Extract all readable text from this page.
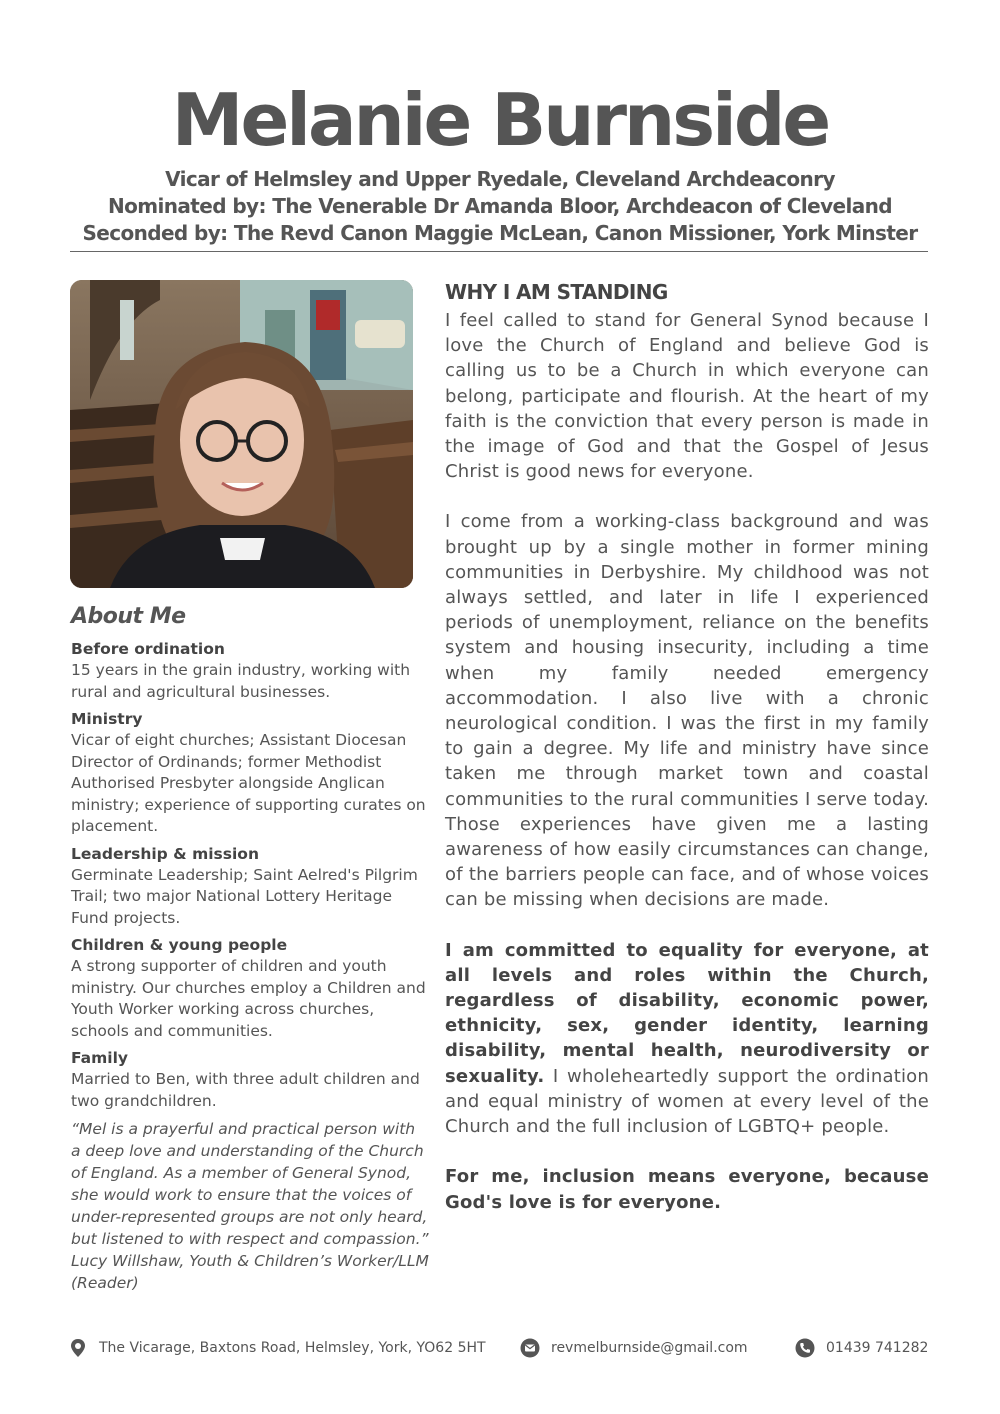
Melanie Burnside
Vicar of Helmsley and Upper Ryedale, Cleveland Archdeaconry
Nominated by: The Venerable Dr Amanda Bloor, Archdeacon of Cleveland
Seconded by: The Revd Canon Maggie McLean, Canon Missioner, York Minster
About Me
Before ordination
15 years in the grain industry, working with rural and agricultural businesses.
Ministry
Vicar of eight churches; Assistant Diocesan Director of Ordinands; former Methodist Authorised Presbyter alongside Anglican ministry; experience of supporting curates on placement.
Leadership & mission
Germinate Leadership; Saint Aelred's Pilgrim Trail; two major National Lottery Heritage Fund projects.
Children & young people
A strong supporter of children and youth ministry. Our churches employ a Children and Youth Worker working across churches, schools and communities.
Family
Married to Ben, with three adult children and two grandchildren.
“Mel is a prayerful and practical person with a deep love and understanding of the Church of England. As a member of General Synod, she would work to ensure that the voices of under-represented groups are not only heard, but listened to with respect and compassion.” Lucy Willshaw, Youth & Children’s Worker/LLM (Reader)
WHY I AM STANDING

I feel called to stand for General Synod because I love the Church of England and believe God is calling us to be a Church in which everyone can belong, participate and flourish. At the heart of my faith is the conviction that every person is made in the image of God and that the Gospel of Jesus Christ is good news for everyone.

I come from a working-class background and was brought up by a single mother in former mining communities in Derbyshire. My childhood was not always settled, and later in life I experienced periods of unemployment, reliance on the benefits system and housing insecurity, including a time when my family needed emergency accommodation. I also live with a chronic neurological condition. I was the first in my family to gain a degree. My life and ministry have since taken me through market town and coastal communities to the rural communities I serve today. Those experiences have given me a lasting awareness of how easily circumstances can change, of the barriers people can face, and of whose voices can be missing when decisions are made.

I am committed to equality for everyone, at all levels and roles within the Church, regardless of disability, economic power, ethnicity, sex, gender identity, learning disability, mental health, neurodiversity or sexuality. I wholeheartedly support the ordination and equal ministry of women at every level of the Church and the full inclusion of LGBTQ+ people.

For me, inclusion means everyone, because God's love is for everyone.

The Vicarage, Baxtons Road, Helmsley, York, YO62 5HT	revmelburnside@gmail.com	01439 741282
